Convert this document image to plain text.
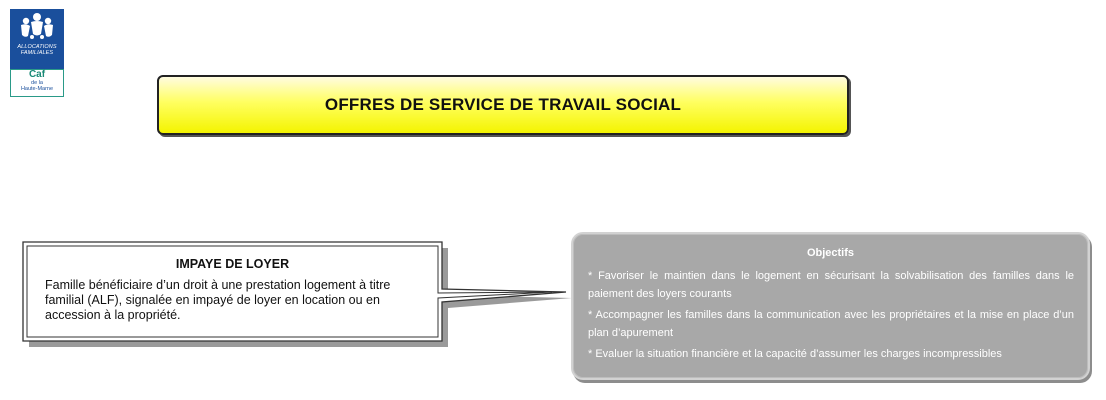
ALLOCATIONS
FAMILIALES
Caf
de la
Haute-Marne
OFFRES DE SERVICE DE TRAVAIL SOCIAL
IMPAYE DE LOYER
Famille bénéficiaire d’un droit à une prestation logement à titre familial (ALF), signalée en impayé de loyer en location ou en accession à la propriété.
Objectifs
* Favoriser le maintien dans le logement en sécurisant la solvabilisation des familles dans le paiement des loyers courants
* Accompagner les familles dans la communication avec les propriétaires et la mise en place d’un plan d’apurement
* Evaluer la situation financière et la capacité d’assumer les charges incompressibles
